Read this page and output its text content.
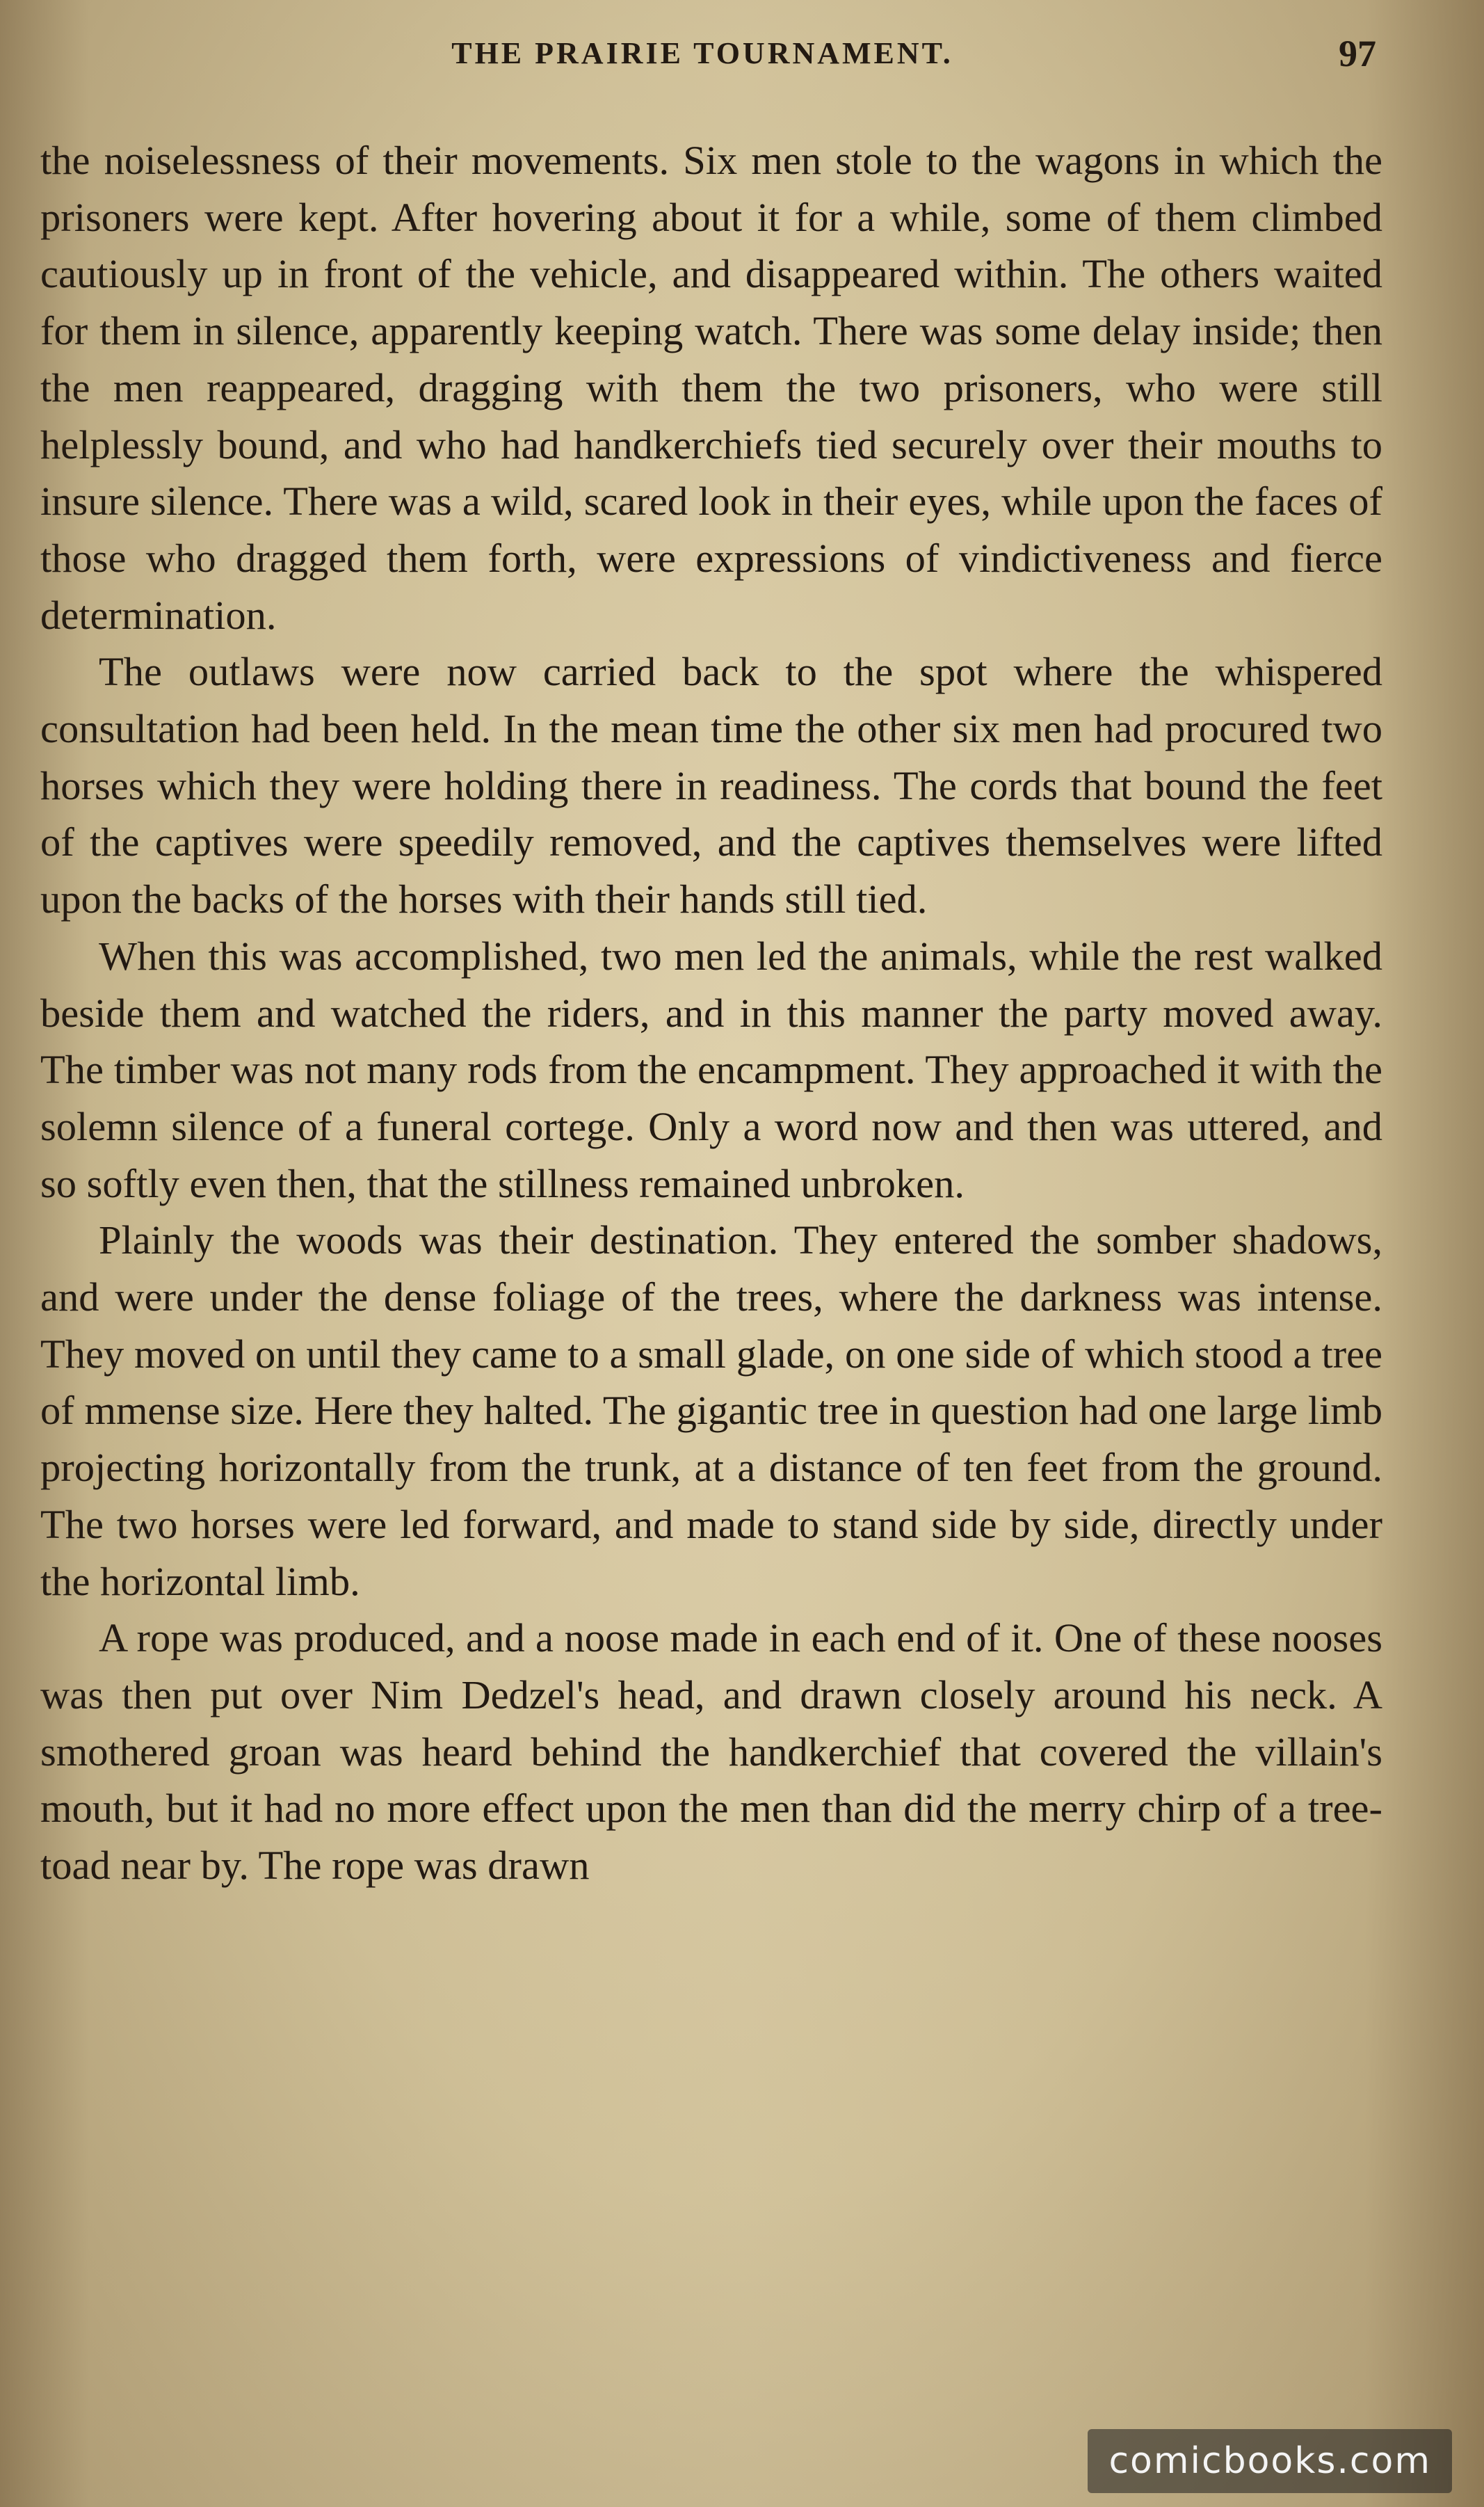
THE PRAIRIE TOURNAMENT.	97

the noiselessness of their movements. Six men stole to the wagons in which the prisoners were kept. After hovering about it for a while, some of them climbed cautiously up in front of the vehicle, and disappeared within. The others waited for them in silence, apparently keeping watch. There was some delay inside; then the men reappeared, dragging with them the two prisoners, who were still helplessly bound, and who had handkerchiefs tied securely over their mouths to insure silence. There was a wild, scared look in their eyes, while upon the faces of those who dragged them forth, were expressions of vindictiveness and fierce determination.

The outlaws were now carried back to the spot where the whispered consultation had been held. In the mean time the other six men had procured two horses which they were holding there in readiness. The cords that bound the feet of the captives were speedily removed, and the captives themselves were lifted upon the backs of the horses with their hands still tied.

When this was accomplished, two men led the animals, while the rest walked beside them and watched the riders, and in this manner the party moved away. The timber was not many rods from the encampment. They approached it with the solemn silence of a funeral cortege. Only a word now and then was uttered, and so softly even then, that the stillness remained unbroken.

Plainly the woods was their destination. They entered the somber shadows, and were under the dense foliage of the trees, where the darkness was intense. They moved on until they came to a small glade, on one side of which stood a tree of mmense size. Here they halted. The gigantic tree in question had one large limb projecting horizontally from the trunk, at a distance of ten feet from the ground. The two horses were led forward, and made to stand side by side, directly under the horizontal limb.

A rope was produced, and a noose made in each end of it. One of these nooses was then put over Nim Dedzel's head, and drawn closely around his neck. A smothered groan was heard behind the handkerchief that covered the villain's mouth, but it had no more effect upon the men than did the merry chirp of a tree-toad near by. The rope was drawn

comicbooks.com
